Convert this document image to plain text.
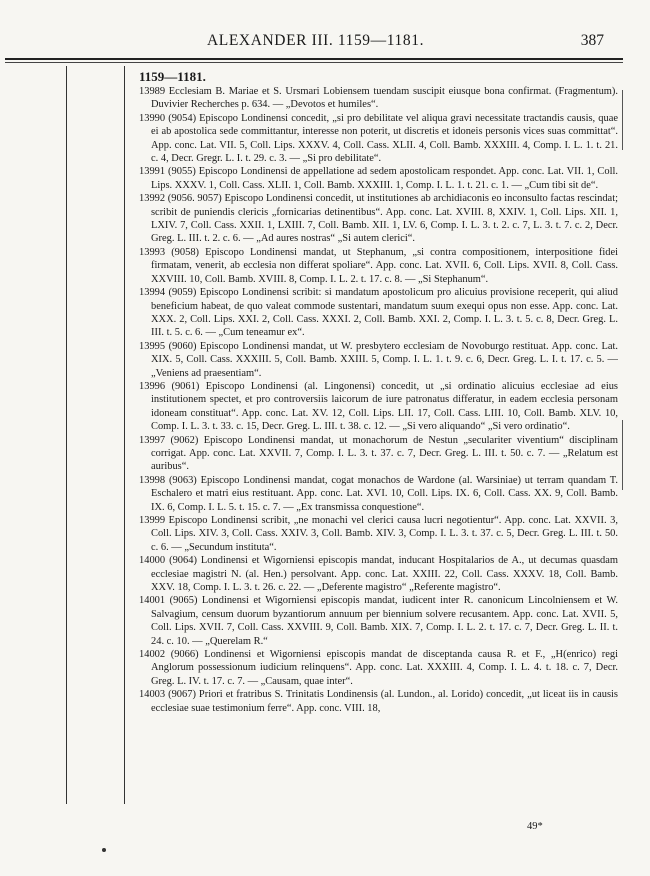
ALEXANDER III. 1159—1181.	387
1159—1181.

13989 Ecclesiam B. Mariae et S. Ursmari Lobiensem tuendam suscipit eiusque bona confirmat. (Fragmentum). Duvivier Recherches p. 634. — „Devotos et humiles“.

13990 (9054) Episcopo Londinensi concedit, „si pro debilitate vel aliqua gravi necessitate tractandis causis, quae ei ab apostolica sede committantur, interesse non poterit, ut discretis et idoneis personis vices suas committat“. App. conc. Lat. VII. 5, Coll. Lips. XXXV. 4, Coll. Cass. XLII. 4, Coll. Bamb. XXXIII. 4, Comp. I. L. 1. t. 21. c. 4, Decr. Gregr. L. I. t. 29. c. 3. — „Si pro debilitate“.

13991 (9055) Episcopo Londinensi de appellatione ad sedem apostolicam respondet. App. conc. Lat. VII. 1, Coll. Lips. XXXV. 1, Coll. Cass. XLII. 1, Coll. Bamb. XXXIII. 1, Comp. I. L. 1. t. 21. c. 1. — „Cum tibi sit de“.

13992 (9056. 9057) Episcopo Londinensi concedit, ut institutiones ab archidiaconis eo inconsulto factas rescindat; scribit de puniendis clericis „fornicarias detinentibus“. App. conc. Lat. XVIII. 8, XXIV. 1, Coll. Lips. XII. 1, LXIV. 7, Coll. Cass. XXII. 1, LXIII. 7, Coll. Bamb. XII. 1, LV. 6, Comp. I. L. 3. t. 2. c. 7, L. 3. t. 7. c. 2, Decr. Greg. L. III. t. 2. c. 6. — „Ad aures nostras“ „Si autem clerici“.

13993 (9058) Episcopo Londinensi mandat, ut Stephanum, „si contra compositionem, interpositione fidei firmatam, venerit, ab ecclesia non differat spoliare“. App. conc. Lat. XVII. 6, Coll. Lips. XVII. 8, Coll. Cass. XXVIII. 10, Coll. Bamb. XVIII. 8, Comp. I. L. 2. t. 17. c. 8. — „Si Stephanum“.

13994 (9059) Episcopo Londinensi scribit: si mandatum apostolicum pro alicuius provisione receperit, qui aliud beneficium habeat, de quo valeat commode sustentari, mandatum suum exequi opus non esse. App. conc. Lat. XXX. 2, Coll. Lips. XXI. 2, Coll. Cass. XXXI. 2, Coll. Bamb. XXI. 2, Comp. I. L. 3. t. 5. c. 8, Decr. Greg. L. III. t. 5. c. 6. — „Cum teneamur ex“.

13995 (9060) Episcopo Londinensi mandat, ut W. presbytero ecclesiam de Novoburgo restituat. App. conc. Lat. XIX. 5, Coll. Cass. XXXIII. 5, Coll. Bamb. XXIII. 5, Comp. I. L. 1. t. 9. c. 6, Decr. Greg. L. I. t. 17. c. 5. — „Veniens ad praesentiam“.

13996 (9061) Episcopo Londinensi (al. Lingonensi) concedit, ut „si ordinatio alicuius ecclesiae ad eius institutionem spectet, et pro controversiis laicorum de iure patronatus differatur, in eadem ecclesia personam idoneam constituat“. App. conc. Lat. XV. 12, Coll. Lips. LII. 17, Coll. Cass. LIII. 10, Coll. Bamb. XLV. 10, Comp. I. L. 3. t. 33. c. 15, Decr. Greg. L. III. t. 38. c. 12. — „Si vero aliquando“ „Si vero ordinatio“.

13997 (9062) Episcopo Londinensi mandat, ut monachorum de Nestun „seculariter viventium“ disciplinam corrigat. App. conc. Lat. XXVII. 7, Comp. I. L. 3. t. 37. c. 7, Decr. Greg. L. III. t. 50. c. 7. — „Relatum est auribus“.

13998 (9063) Episcopo Londinensi mandat, cogat monachos de Wardone (al. Warsiniae) ut terram quandam T. Eschalero et matri eius restituant. App. conc. Lat. XVI. 10, Coll. Lips. IX. 6, Coll. Cass. XX. 9, Coll. Bamb. IX. 6, Comp. I. L. 5. t. 15. c. 7. — „Ex transmissa conquestione“.

13999 Episcopo Londinensi scribit, „ne monachi vel clerici causa lucri negotientur“. App. conc. Lat. XXVII. 3, Coll. Lips. XIV. 3, Coll. Cass. XXIV. 3, Coll. Bamb. XIV. 3, Comp. I. L. 3. t. 37. c. 5, Decr. Greg. L. III. t. 50. c. 6. — „Secundum instituta“.

14000 (9064) Londinensi et Wigorniensi episcopis mandat, inducant Hospitalarios de A., ut decumas quasdam ecclesiae magistri N. (al. Hen.) persolvant. App. conc. Lat. XXIII. 22, Coll. Cass. XXXV. 18, Coll. Bamb. XXV. 18, Comp. I. L. 3. t. 26. c. 22. — „Deferente magistro“ „Referente magistro“.

14001 (9065) Londinensi et Wigorniensi episcopis mandat, iudicent inter R. canonicum Lincolniensem et W. Salvagium, censum duorum byzantiorum annuum per biennium solvere recusantem. App. conc. Lat. XVII. 5, Coll. Lips. XVII. 7, Coll. Cass. XXVIII. 9, Coll. Bamb. XIX. 7, Comp. I. L. 2. t. 17. c. 7, Decr. Greg. L. II. t. 24. c. 10. — „Querelam R.“

14002 (9066) Londinensi et Wigorniensi episcopis mandat de disceptanda causa R. et F., „H(enrico) regi Anglorum possessionum iudicium relinquens“. App. conc. Lat. XXXIII. 4, Comp. I. L. 4. t. 18. c. 7, Decr. Greg. L. IV. t. 17. c. 7. — „Causam, quae inter“.

14003 (9067) Priori et fratribus S. Trinitatis Londinensis (al. Lundon., al. Lorido) concedit, „ut liceat iis in causis ecclesiae suae testimonium ferre“. App. conc. VIII. 18,

49*
